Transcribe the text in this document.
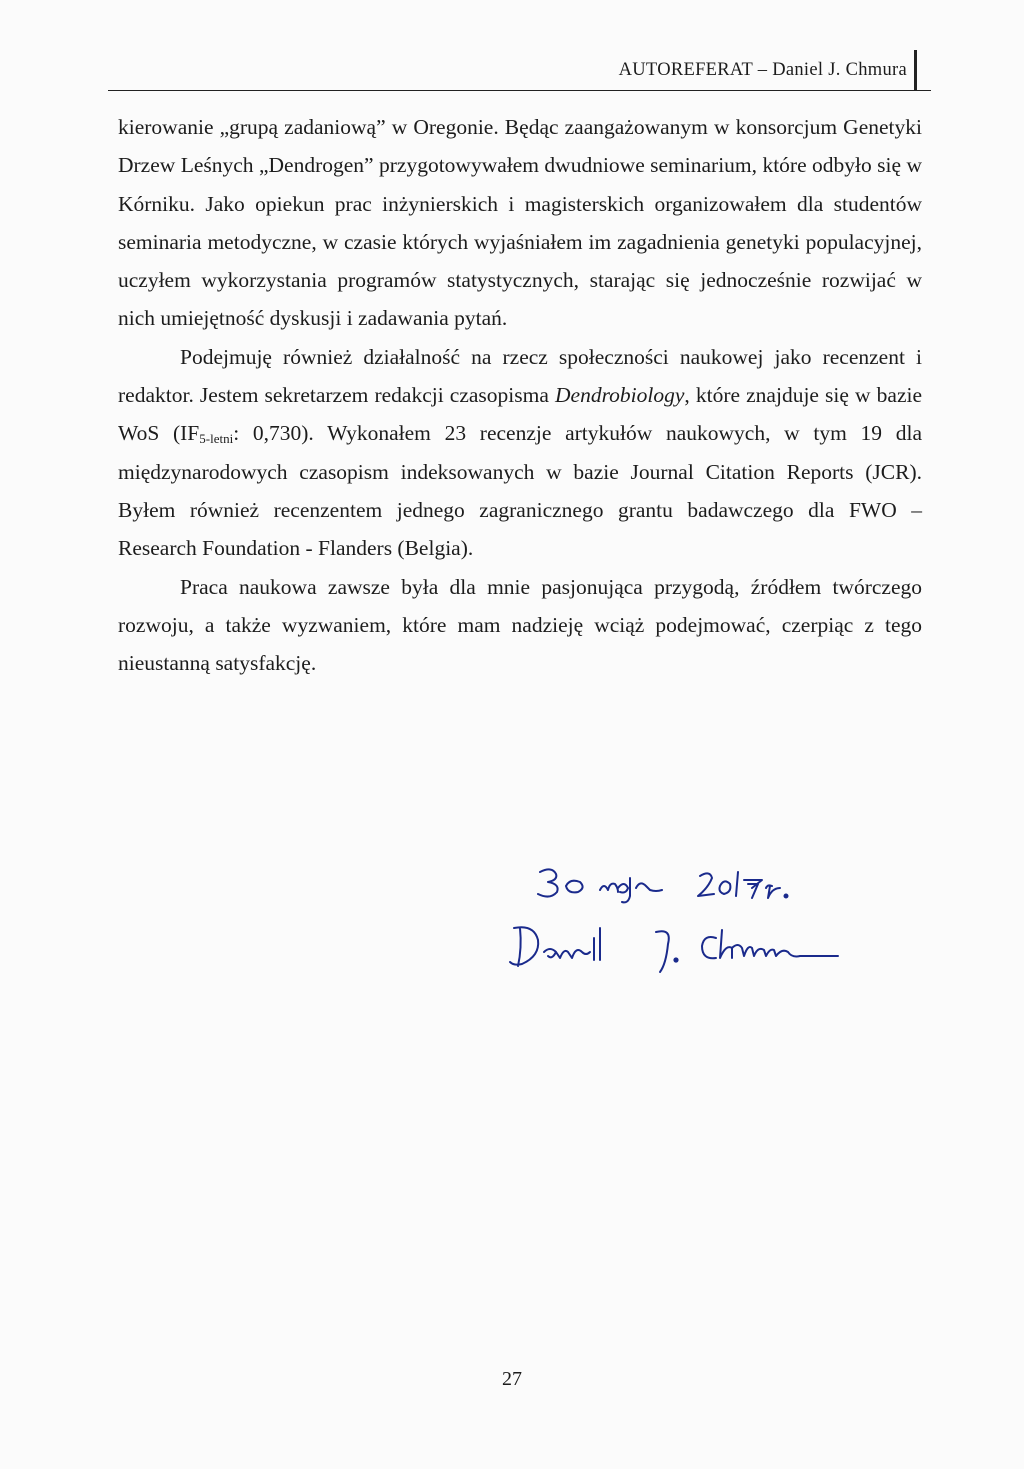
AUTOREFERAT – Daniel J. Chmura

kierowanie „grupą zadaniową” w Oregonie. Będąc zaangażowanym w konsorcjum Genetyki Drzew Leśnych „Dendrogen” przygotowywałem dwudniowe seminarium, które odbyło się w Kórniku. Jako opiekun prac inżynierskich i magisterskich organizowałem dla studentów seminaria metodyczne, w czasie których wyjaśniałem im zagadnienia genetyki populacyjnej, uczyłem wykorzystania programów statystycznych, starając się jednocześnie rozwijać w nich umiejętność dyskusji i zadawania pytań.

Podejmuję również działalność na rzecz społeczności naukowej jako recenzent i redaktor. Jestem sekretarzem redakcji czasopisma Dendrobiology, które znajduje się w bazie WoS ($IF_{5-letni}$: 0,730). Wykonałem 23 recenzje artykułów naukowych, w tym 19 dla międzynarodowych czasopism indeksowanych w bazie Journal Citation Reports (JCR). Byłem również recenzentem jednego zagranicznego grantu badawczego dla FWO – Research Foundation - Flanders (Belgia).

Praca naukowa zawsze była dla mnie pasjonująca przygodą, źródłem twórczego rozwoju, a także wyzwaniem, które mam nadzieję wciąż podejmować, czerpiąc z tego nieustanną satysfakcję.

27
